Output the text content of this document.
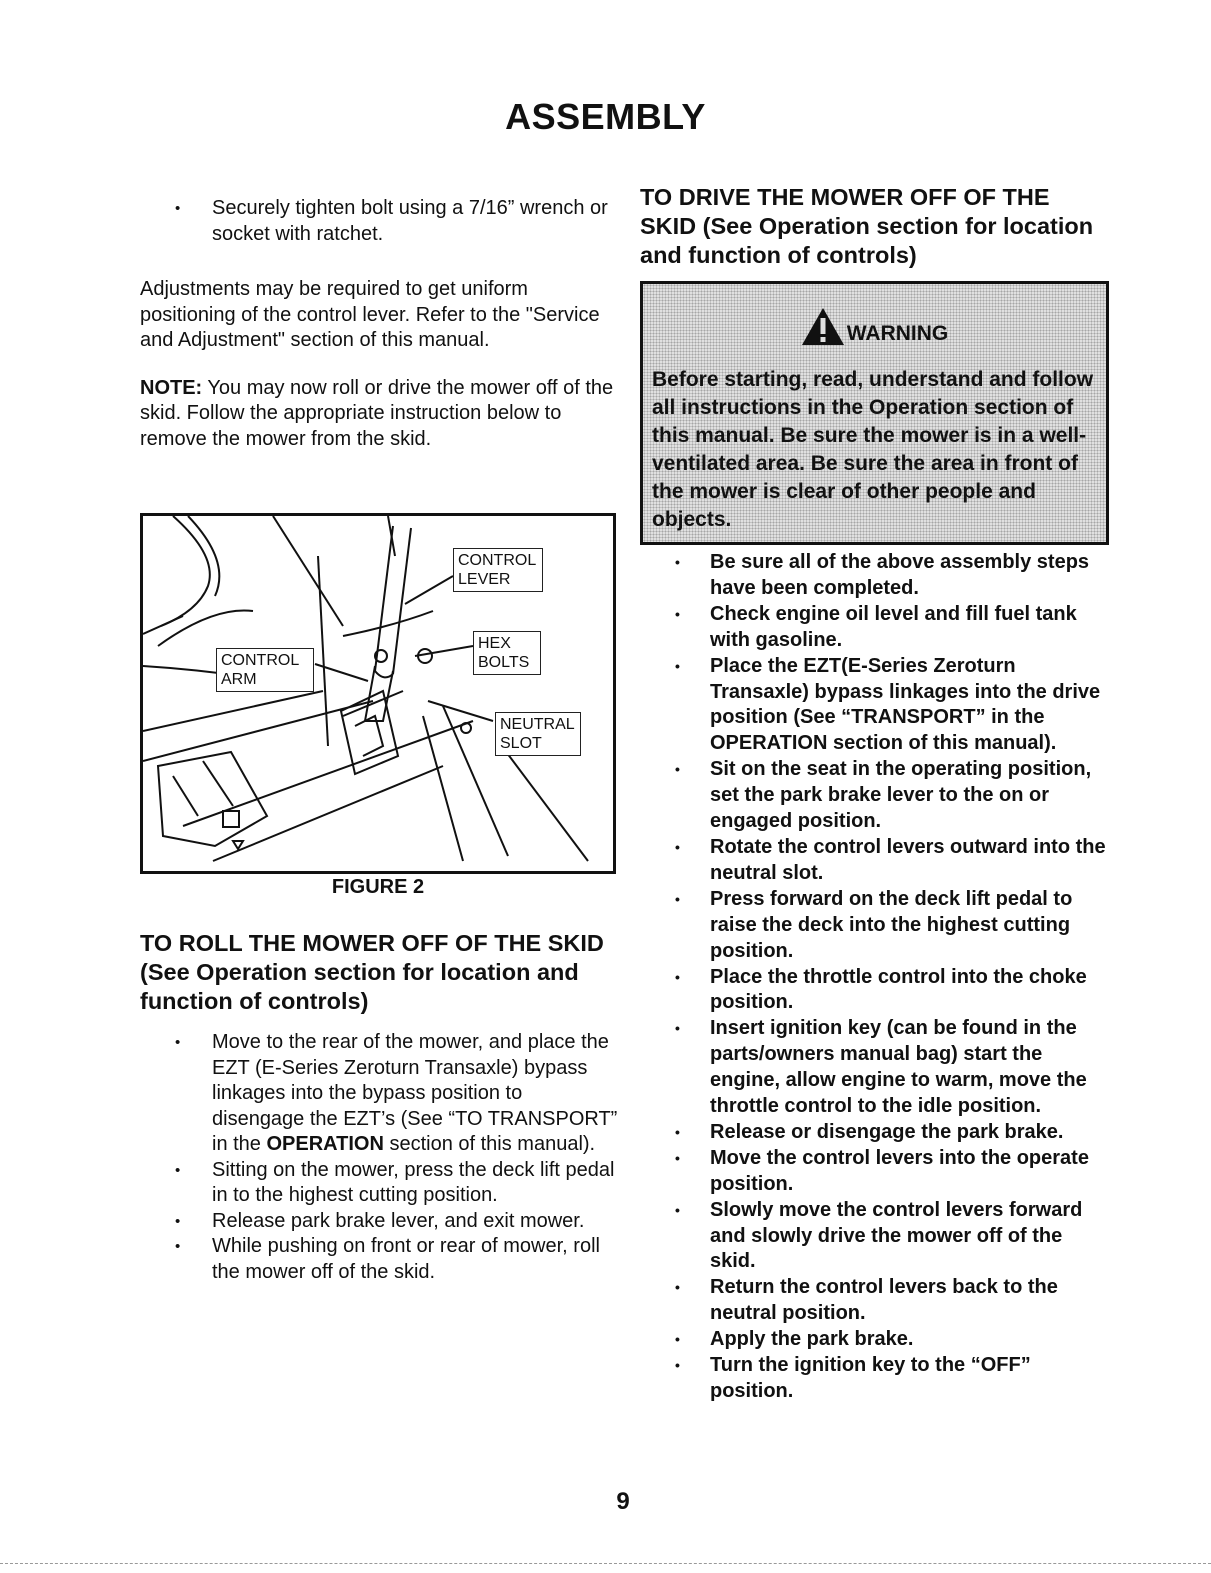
ASSEMBLY
• Securely tighten bolt using a 7/16” wrench or socket with ratchet.

Adjustments may be required to get uniform positioning of the control lever. Refer to the "Service and Adjustment" section of this manual.

NOTE: You may now roll or drive the mower off of the skid. Follow the appropriate instruction below to remove the mower from the skid.

CONTROL LEVER
HEX BOLTS
CONTROL ARM
NEUTRAL SLOT
FIGURE 2
TO ROLL THE MOWER OFF OF THE SKID (See Operation section for location and function of controls)
• Move to the rear of the mower, and place the EZT (E-Series Zeroturn Transaxle) bypass linkages into the bypass position to disengage the EZT’s (See “TO TRANSPORT” in the OPERATION section of this manual).
• Sitting on the mower, press the deck lift pedal in to the highest cutting position.
• Release park brake lever, and exit mower.
• While pushing on front or rear of mower, roll the mower off of the skid.
TO DRIVE THE MOWER OFF OF THE
SKID (See Operation section for location and function of controls)
WARNING
Before starting, read, understand and follow all instructions in the Operation section of this manual. Be sure the mower is in a well-ventilated area. Be sure the area in front of the mower is clear of other people and objects.
• Be sure all of the above assembly steps have been completed.
• Check engine oil level and fill fuel tank with gasoline.
• Place the EZT(E-Series Zeroturn Transaxle) bypass linkages into the drive position (See “TRANSPORT” in the OPERATION section of this manual).
• Sit on the seat in the operating position, set the park brake lever to the on or engaged position.
• Rotate the control levers outward into the neutral slot.
• Press forward on the deck lift pedal to raise the deck into the highest cutting position.
• Place the throttle control into the choke position.
• Insert ignition key (can be found in the parts/owners manual bag) start the engine, allow engine to warm, move the throttle control to the idle position.
• Release or disengage the park brake.
• Move the control levers into the operate position.
• Slowly move the control levers forward and slowly drive the mower off of the skid.
• Return the control levers back to the neutral position.
• Apply the park brake.
• Turn the ignition key to the “OFF” position.
9
